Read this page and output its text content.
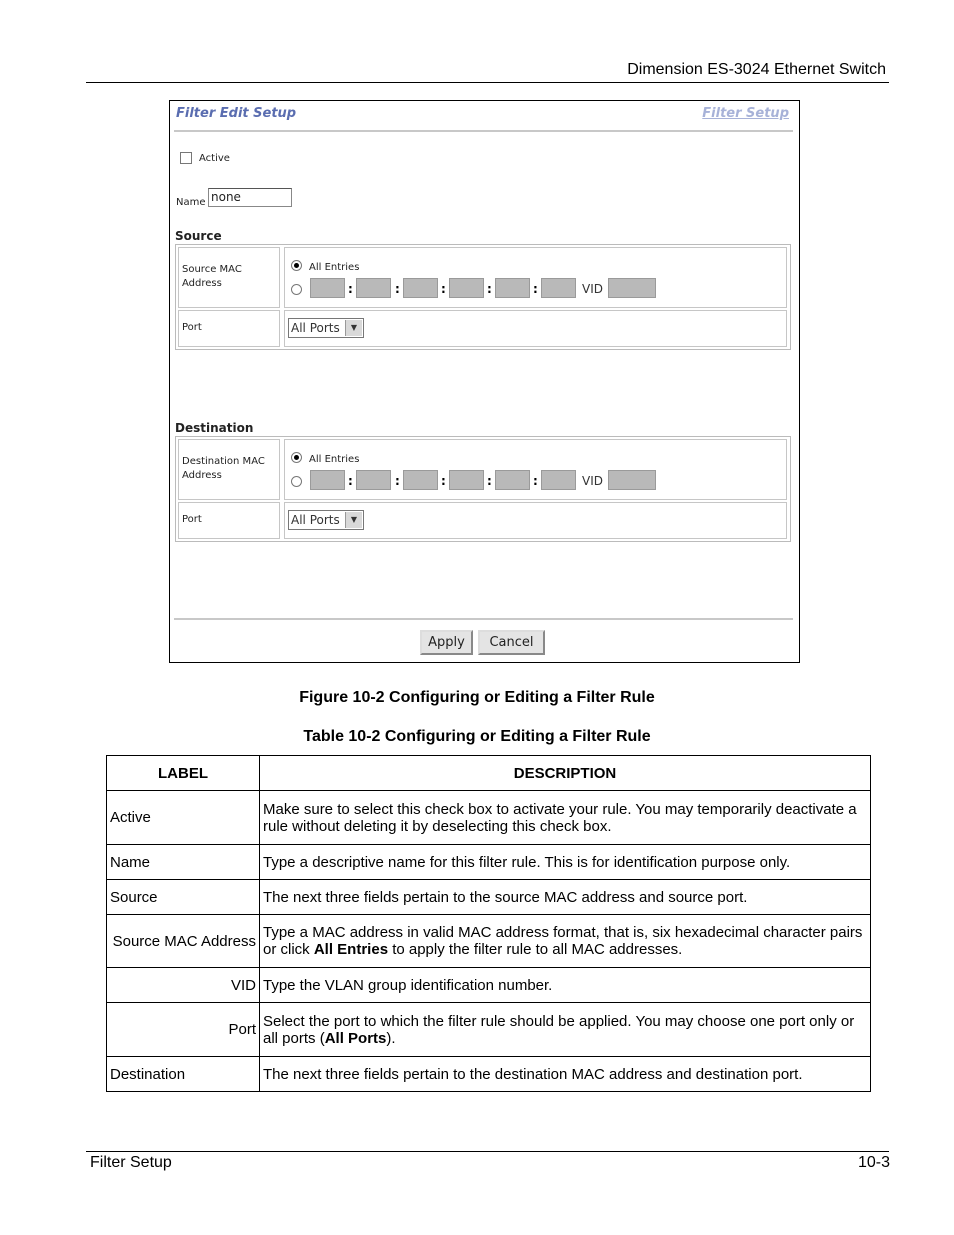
Dimension ES-3024 Ethernet Switch
Filter Edit Setup	Filter Setup
Active
Name none
Source
Source MAC
Address
All Entries
:	:	:	:	:	VID
Port	All Ports	▼
Destination
Destination MAC
Address
All Entries
:	:	:	:	:	VID
Port	All Ports	▼
Apply	Cancel
Figure 10-2 Configuring or Editing a Filter Rule
Table 10-2 Configuring or Editing a Filter Rule
LABEL	DESCRIPTION
Active	Make sure to select this check box to activate your rule. You may temporarily deactivate a rule without deleting it by deselecting this check box.
Name	Type a descriptive name for this filter rule. This is for identification purpose only.
Source	The next three fields pertain to the source MAC address and source port.
Source MAC Address	Type a MAC address in valid MAC address format, that is, six hexadecimal character pairs or click All Entries to apply the filter rule to all MAC addresses.
VID	Type the VLAN group identification number.
Port	Select the port to which the filter rule should be applied. You may choose one port only or all ports (All Ports).
Destination	The next three fields pertain to the destination MAC address and destination port.
Filter Setup	10-3
